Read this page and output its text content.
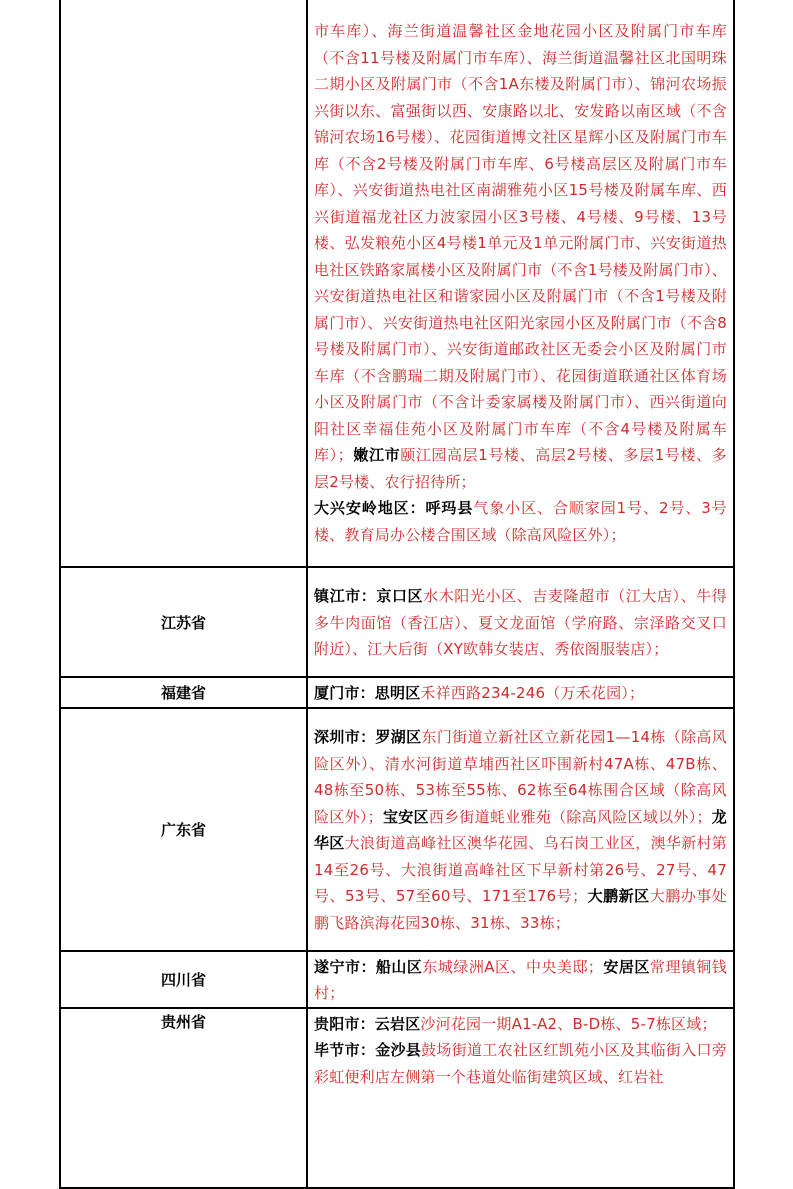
	市车库）、海兰街道温馨社区金地花园小区及附属门市车库（不含11号楼及附属门市车库）、海兰街道温馨社区北国明珠二期小区及附属门市（不含1A东楼及附属门市）、锦河农场振兴街以东、富强街以西、安康路以北、安发路以南区域（不含锦河农场16号楼）、花园街道博文社区星辉小区及附属门市车库（不含2号楼及附属门市车库、6号楼高层区及附属门市车库）、兴安街道热电社区南湖雅苑小区15号楼及附属车库、西兴街道福龙社区力波家园小区3号楼、4号楼、9号楼、13号楼、弘发粮苑小区4号楼1单元及1单元附属门市、兴安街道热电社区铁路家属楼小区及附属门市（不含1号楼及附属门市）、兴安街道热电社区和谐家园小区及附属门市（不含1号楼及附属门市）、兴安街道热电社区阳光家园小区及附属门市（不含8号楼及附属门市）、兴安街道邮政社区无委会小区及附属门市车库（不含鹏瑞二期及附属门市）、花园街道联通社区体育场小区及附属门市（不含计委家属楼及附属门市）、西兴街道向阳社区幸福佳苑小区及附属门市车库（不含4号楼及附属车库）；嫩江市颐江园高层1号楼、高层2号楼、多层1号楼、多层2号楼、农行招待所；

大兴安岭地区：呼玛县气象小区、合顺家园1号、2号、3号楼、教育局办公楼合围区域（除高风险区外）；

江苏省	镇江市：京口区水木阳光小区、吉麦隆超市（江大店）、牛得多牛肉面馆（香江店）、夏文龙面馆（学府路、宗泽路交叉口附近）、江大后街（XY欧韩女装店、秀依阁服装店）；

福建省	厦门市：思明区禾祥西路234-246（万禾花园）；

广东省	深圳市：罗湖区东门街道立新社区立新花园1—14栋（除高风险区外）、清水河街道草埔西社区吓围新村47A栋、47B栋、48栋至50栋、53栋至55栋、62栋至64栋围合区域（除高风险区外）；宝安区西乡街道蚝业雅苑（除高风险区域以外）；龙华区大浪街道高峰社区澳华花园、乌石岗工业区，澳华新村第14至26号、大浪街道高峰社区下早新村第26号、27号、47号、53号、57至60号、171至176号；大鹏新区大鹏办事处鹏飞路滨海花园30栋、31栋、33栋；

四川省	遂宁市：船山区东城绿洲A区、中央美邸；安居区常理镇铜钱村；

贵州省	贵阳市：云岩区沙河花园一期A1-A2、B-D栋、5-7栋区域；

毕节市：金沙县鼓场街道工农社区红凯苑小区及其临街入口旁彩虹便利店左侧第一个巷道处临街建筑区域、红岩社
